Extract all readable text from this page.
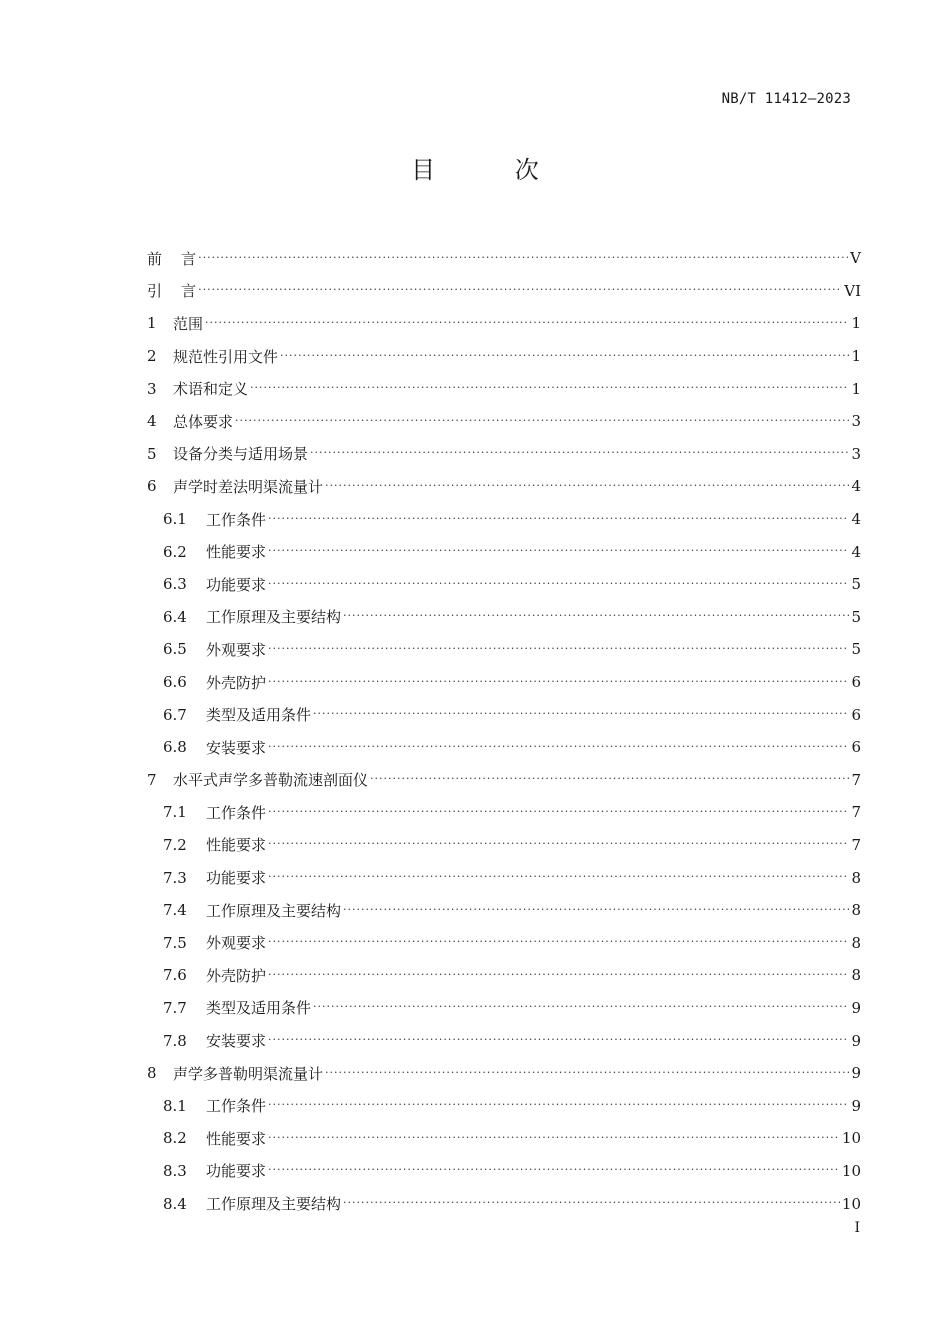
NB/T 11412—2023
目 次
前    言 ·····	V
引    言 ·····	VI
1	范围 ·····	1
2	规范性引用文件 ·····	1
3	术语和定义 ·····	1
4	总体要求 ·····	3
5	设备分类与适用场景 ·····	3
6	声学时差法明渠流量计 ·····	4
6.1	工作条件 ·····	4
6.2	性能要求 ·····	4
6.3	功能要求 ·····	5
6.4	工作原理及主要结构 ·····	5
6.5	外观要求 ·····	5
6.6	外壳防护 ·····	6
6.7	类型及适用条件 ·····	6
6.8	安装要求 ·····	6
7	水平式声学多普勒流速剖面仪 ·····	7
7.1	工作条件 ·····	7
7.2	性能要求 ·····	7
7.3	功能要求 ·····	8
7.4	工作原理及主要结构 ·····	8
7.5	外观要求 ·····	8
7.6	外壳防护 ·····	8
7.7	类型及适用条件 ·····	9
7.8	安装要求 ·····	9
8	声学多普勒明渠流量计 ·····	9
8.1	工作条件 ·····	9
8.2	性能要求 ·····	10
8.3	功能要求 ·····	10
8.4	工作原理及主要结构 ·····	10
I
